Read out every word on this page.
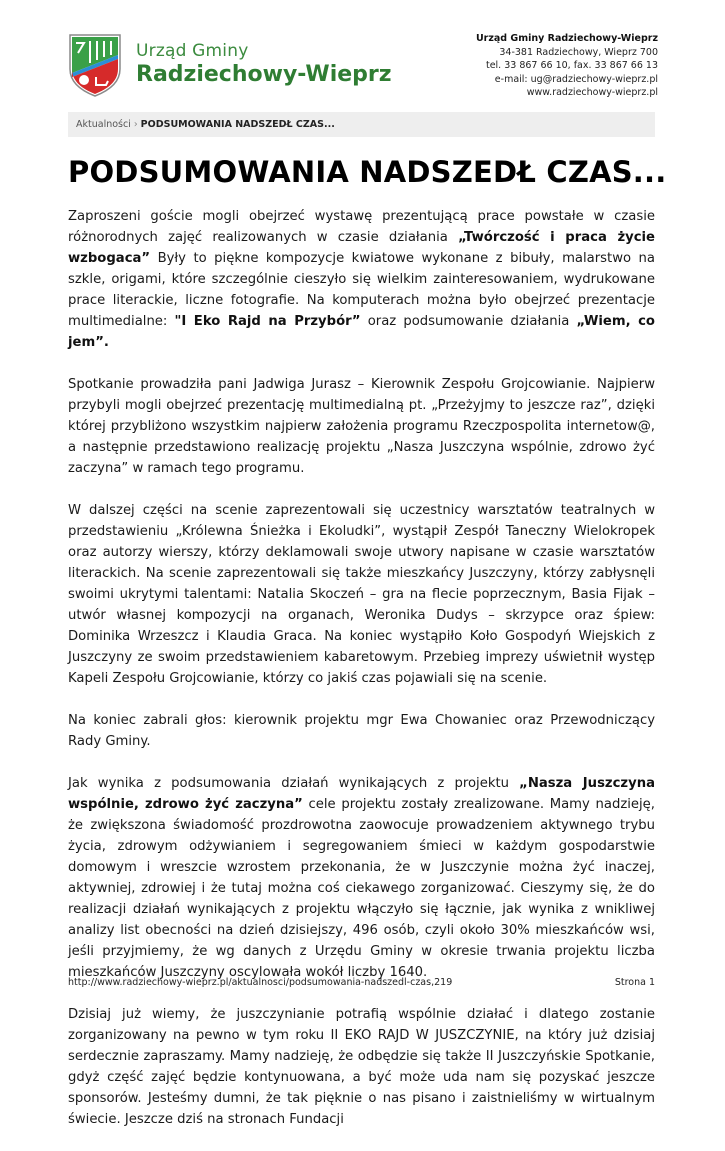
Urząd Gminy
Radziechowy-Wieprz
Urząd Gminy Radziechowy-Wieprz
34-381 Radziechowy, Wieprz 700
tel. 33 867 66 10, fax. 33 867 66 13
e-mail: ug@radziechowy-wieprz.pl
www.radziechowy-wieprz.pl
Aktualności › PODSUMOWANIA NADSZEDŁ CZAS...
PODSUMOWANIA NADSZEDŁ CZAS...

Zaproszeni goście mogli obejrzeć wystawę prezentującą prace powstałe w czasie różnorodnych zajęć realizowanych w czasie działania „Twórczość i praca życie wzbogaca” Były to piękne kompozycje kwiatowe wykonane z bibuły, malarstwo na szkle, origami, które szczególnie cieszyło się wielkim zainteresowaniem, wydrukowane prace literackie, liczne fotografie. Na komputerach można było obejrzeć prezentacje multimedialne: "I Eko Rajd na Przybór” oraz podsumowanie działania „Wiem, co jem”.

Spotkanie prowadziła pani Jadwiga Jurasz – Kierownik Zespołu Grojcowianie. Najpierw przybyli mogli obejrzeć prezentację multimedialną pt. „Przeżyjmy to jeszcze raz”, dzięki której przybliżono wszystkim najpierw założenia programu Rzeczpospolita internetow@, a następnie przedstawiono realizację projektu „Nasza Juszczyna wspólnie, zdrowo żyć zaczyna” w ramach tego programu.

W dalszej części na scenie zaprezentowali się uczestnicy warsztatów teatralnych w przedstawieniu „Królewna Śnieżka i Ekoludki”, wystąpił Zespół Taneczny Wielokropek oraz autorzy wierszy, którzy deklamowali swoje utwory napisane w czasie warsztatów literackich. Na scenie zaprezentowali się także mieszkańcy Juszczyny, którzy zabłysnęli swoimi ukrytymi talentami: Natalia Skoczeń – gra na flecie poprzecznym, Basia Fijak – utwór własnej kompozycji na organach, Weronika Dudys – skrzypce oraz śpiew: Dominika Wrzeszcz i Klaudia Graca. Na koniec wystąpiło Koło Gospodyń Wiejskich z Juszczyny ze swoim przedstawieniem kabaretowym. Przebieg imprezy uświetnił występ Kapeli Zespołu Grojcowianie, którzy co jakiś czas pojawiali się na scenie.

Na koniec zabrali głos: kierownik projektu mgr Ewa Chowaniec oraz Przewodniczący Rady Gminy.

Jak wynika z podsumowania działań wynikających z projektu „Nasza Juszczyna wspólnie, zdrowo żyć zaczyna” cele projektu zostały zrealizowane. Mamy nadzieję, że zwiększona świadomość prozdrowotna zaowocuje prowadzeniem aktywnego trybu życia, zdrowym odżywianiem i segregowaniem śmieci w każdym gospodarstwie domowym i wreszcie wzrostem przekonania, że w Juszczynie można żyć inaczej, aktywniej, zdrowiej i że tutaj można coś ciekawego zorganizować. Cieszymy się, że do realizacji działań wynikających z projektu włączyło się łącznie, jak wynika z wnikliwej analizy list obecności na dzień dzisiejszy, 496 osób, czyli około 30% mieszkańców wsi, jeśli przyjmiemy, że wg danych z Urzędu Gminy w okresie trwania projektu liczba mieszkańców Juszczyny oscylowała wokół liczby 1640.

Dzisiaj już wiemy, że juszczynianie potrafią wspólnie działać i dlatego zostanie zorganizowany na pewno w tym roku II EKO RAJD W JUSZCZYNIE, na który już dzisiaj serdecznie zapraszamy. Mamy nadzieję, że odbędzie się także II Juszczyńskie Spotkanie, gdyż część zajęć będzie kontynuowana, a być może uda nam się pozyskać jeszcze sponsorów. Jesteśmy dumni, że tak pięknie o nas pisano i zaistnieliśmy w wirtualnym świecie. Jeszcze dziś na stronach Fundacji

http://www.radziechowy-wieprz.pl/aktualnosci/podsumowania-nadszedl-czas,219	Strona 1
